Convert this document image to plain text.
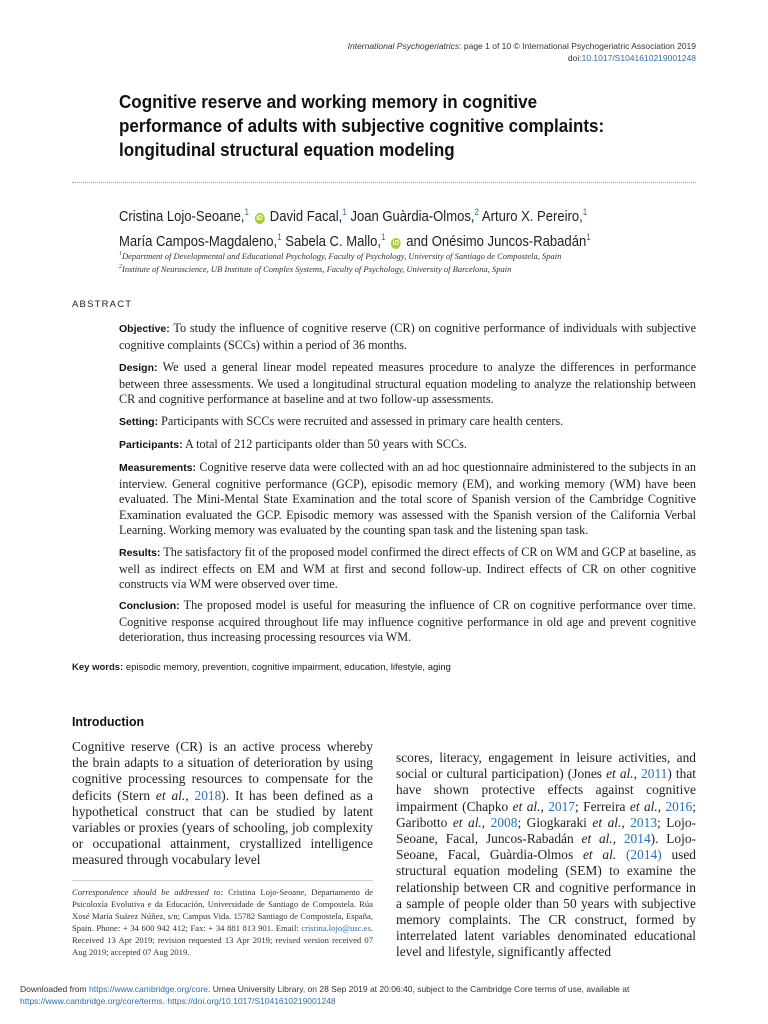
International Psychogeriatrics: page 1 of 10 © International Psychogeriatric Association 2019
doi:10.1017/S1041610219001248
Cognitive reserve and working memory in cognitive performance of adults with subjective cognitive complaints: longitudinal structural equation modeling
Cristina Lojo-Seoane,$^1$ iD David Facal,$^1$ Joan Guàrdia-Olmos,$^2$ Arturo X. Pereiro,$^1$
María Campos-Magdaleno,$^1$ Sabela C. Mallo,$^1$ iD and Onésimo Juncos-Rabadán$^1$
$^1$Department of Developmental and Educational Psychology, Faculty of Psychology, University of Santiago de Compostela, Spain
$^2$Institute of Neuroscience, UB Institute of Complex Systems, Faculty of Psychology, University of Barcelona, Spain
ABSTRACT
Objective: To study the influence of cognitive reserve (CR) on cognitive performance of individuals with subjective cognitive complaints (SCCs) within a period of 36 months.
Design: We used a general linear model repeated measures procedure to analyze the differences in performance between three assessments. We used a longitudinal structural equation modeling to analyze the relationship between CR and cognitive performance at baseline and at two follow-up assessments.
Setting: Participants with SCCs were recruited and assessed in primary care health centers.
Participants: A total of 212 participants older than 50 years with SCCs.
Measurements: Cognitive reserve data were collected with an ad hoc questionnaire administered to the subjects in an interview. General cognitive performance (GCP), episodic memory (EM), and working memory (WM) have been evaluated. The Mini-Mental State Examination and the total score of Spanish version of the Cambridge Cognitive Examination evaluated the GCP. Episodic memory was assessed with the Spanish version of the California Verbal Learning. Working memory was evaluated by the counting span task and the listening span task.
Results: The satisfactory fit of the proposed model confirmed the direct effects of CR on WM and GCP at baseline, as well as indirect effects on EM and WM at first and second follow-up. Indirect effects of CR on other cognitive constructs via WM were observed over time.
Conclusion: The proposed model is useful for measuring the influence of CR on cognitive performance over time. Cognitive response acquired throughout life may influence cognitive performance in old age and prevent cognitive deterioration, thus increasing processing resources via WM.
Key words: episodic memory, prevention, cognitive impairment, education, lifestyle, aging
Introduction
Cognitive reserve (CR) is an active process whereby the brain adapts to a situation of deterioration by using cognitive processing resources to compensate for the deficits (Stern et al., 2018). It has been defined as a hypothetical construct that can be studied by latent variables or proxies (years of schooling, job complexity or occupational attainment, crystallized intelligence measured through vocabulary level
scores, literacy, engagement in leisure activities, and social or cultural participation) (Jones et al., 2011) that have shown protective effects against cognitive impairment (Chapko et al., 2017; Ferreira et al., 2016; Garibotto et al., 2008; Giogkaraki et al., 2013; Lojo-Seoane, Facal, Juncos-Rabadán et al., 2014). Lojo-Seoane, Facal, Guàrdia-Olmos et al. (2014) used structural equation modeling (SEM) to examine the relationship between CR and cognitive performance in a sample of people older than 50 years with subjective memory complaints. The CR construct, formed by interrelated latent variables denominated educational level and lifestyle, significantly affected
Correspondence should be addressed to: Cristina Lojo-Seoane, Departamento de Psicoloxía Evolutiva e da Educación, Universidade de Santiago de Compostela. Rúa Xosé María Suárez Núñez, s/n; Campus Vida. 15782 Santiago de Compostela, España, Spain. Phone: + 34 600 942 412; Fax: + 34 881 813 901. Email: cristina.lojo@usc.es. Received 13 Apr 2019; revision requested 13 Apr 2019; revised version received 07 Aug 2019; accepted 07 Aug 2019.
Downloaded from https://www.cambridge.org/core. Umea University Library, on 28 Sep 2019 at 20:06:40, subject to the Cambridge Core terms of use, available at
https://www.cambridge.org/core/terms. https://doi.org/10.1017/S1041610219001248
